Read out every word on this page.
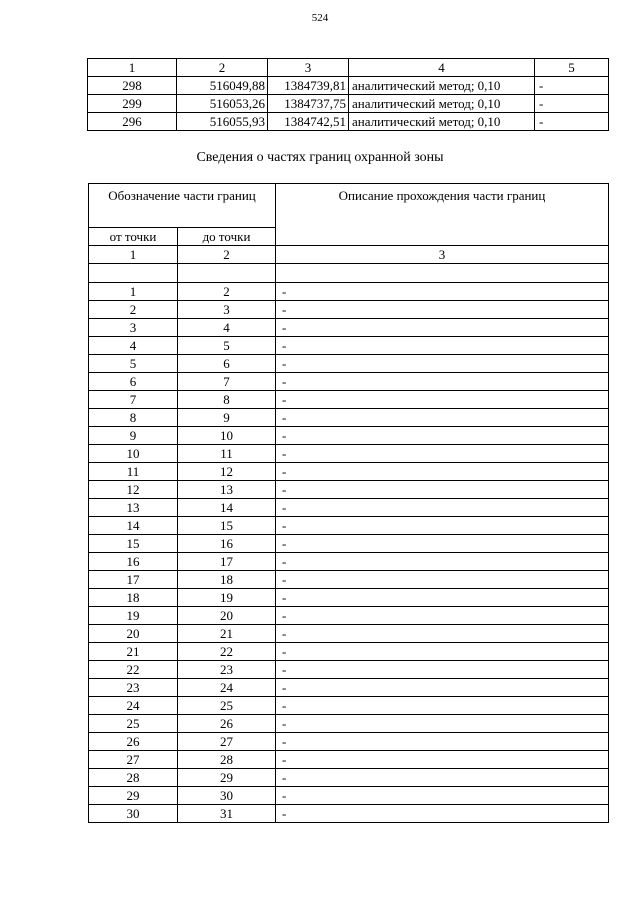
524
1	2	3	4	5
298	516049,88	1384739,81	аналитический метод; 0,10	-
299	516053,26	1384737,75	аналитический метод; 0,10	-
296	516055,93	1384742,51	аналитический метод; 0,10	-
Сведения о частях границ охранной зоны
Обозначение части границ		Описание прохождения части границ
от точки	до точки	
1	2	3

1	2	-
2	3	-
3	4	-
4	5	-
5	6	-
6	7	-
7	8	-
8	9	-
9	10	-
10	11	-
11	12	-
12	13	-
13	14	-
14	15	-
15	16	-
16	17	-
17	18	-
18	19	-
19	20	-
20	21	-
21	22	-
22	23	-
23	24	-
24	25	-
25	26	-
26	27	-
27	28	-
28	29	-
29	30	-
30	31	-
